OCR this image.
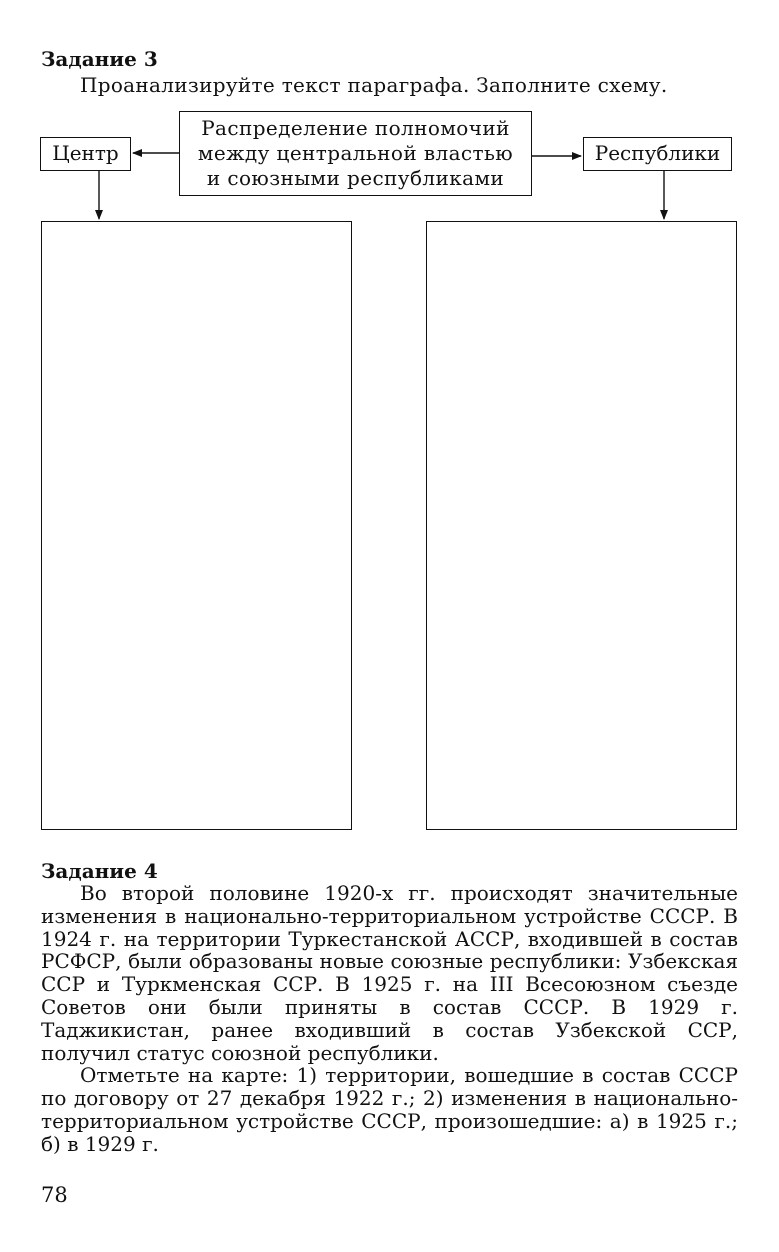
Задание 3
Проанализируйте текст параграфа. Заполните схему.
Центр
Распределение полномочий
между центральной властью
и союзными республиками
Республики
Задание 4

Во второй половине 1920-х гг. происходят значительные изменения в национально-территориальном устройстве СССР. В 1924 г. на территории Туркестанской АССР, входившей в состав РСФСР, были образованы новые союзные республики: Узбекская ССР и Туркменская ССР. В 1925 г. на III Всесоюзном съезде Советов они были приняты в состав СССР. В 1929 г. Таджикистан, ранее входивший в состав Узбекской ССР, получил статус союзной республики.

Отметьте на карте: 1) территории, вошедшие в состав СССР по договору от 27 декабря 1922 г.; 2) изменения в национально-территориальном устройстве СССР, произошедшие: а) в 1925 г.; б) в 1929 г.

78
